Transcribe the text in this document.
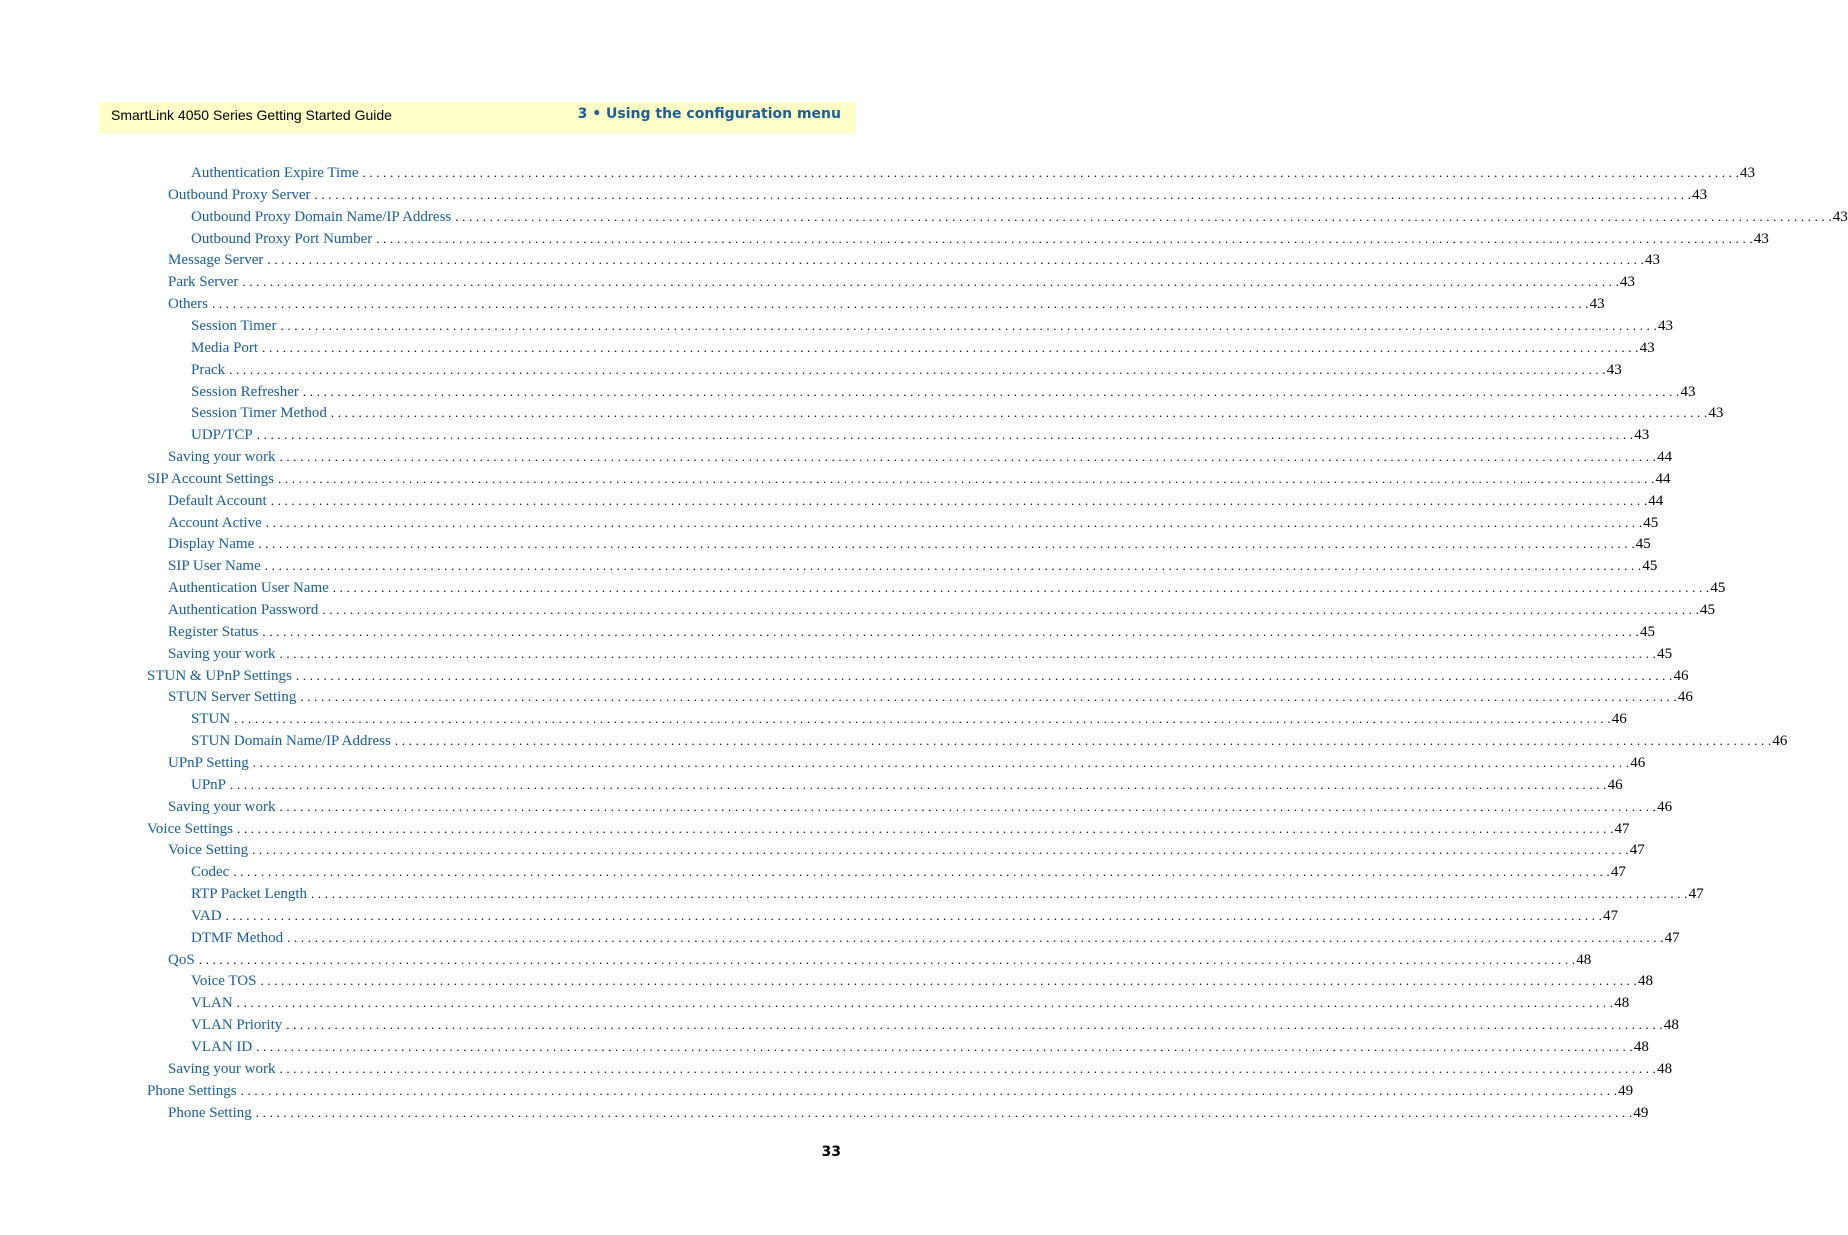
SmartLink 4050 Series Getting Started Guide	3 • Using the configuration menu
Authentication Expire Time . . . . . . . . . . . . . . . . . . . . . . . . . . . . . . . . . . . . . . . . . . . . . . . . . . . . . . . . . . . . . . . . . . . . . . . . . . . . . . . . . . . . . . . . . . . . . . . . . . . . . . . . . . . . . . . . . . . . . . . . . . . . . . . . . . . . . . . . . . . . . . . . . . . . . . . . . . . . . . . . . . . . . . . . . . . . . . . . . . . . . . . . . . . . . . . . . . . . . . . . 43
Outbound Proxy Server . . . . . . . . . . . . . . . . . . . . . . . . . . . . . . . . . . . . . . . . . . . . . . . . . . . . . . . . . . . . . . . . . . . . . . . . . . . . . . . . . . . . . . . . . . . . . . . . . . . . . . . . . . . . . . . . . . . . . . . . . . . . . . . . . . . . . . . . . . . . . . . . . . . . . . . . . . . . . . . . . . . . . . . . . . . . . . . . . . . . . . . . . . . . . . . . . . . . . . . . 43
Outbound Proxy Domain Name/IP Address . . . . . . . . . . . . . . . . . . . . . . . . . . . . . . . . . . . . . . . . . . . . . . . . . . . . . . . . . . . . . . . . . . . . . . . . . . . . . . . . . . . . . . . . . . . . . . . . . . . . . . . . . . . . . . . . . . . . . . . . . . . . . . . . . . . . . . . . . . . . . . . . . . . . . . . . . . . . . . . . . . . . . . . . . . . . . . . . . . . . . . . . . . . . . . . . . . . . . . . . 43
Outbound Proxy Port Number . . . . . . . . . . . . . . . . . . . . . . . . . . . . . . . . . . . . . . . . . . . . . . . . . . . . . . . . . . . . . . . . . . . . . . . . . . . . . . . . . . . . . . . . . . . . . . . . . . . . . . . . . . . . . . . . . . . . . . . . . . . . . . . . . . . . . . . . . . . . . . . . . . . . . . . . . . . . . . . . . . . . . . . . . . . . . . . . . . . . . . . . . . . . . . . . . . . . . . . . 43
Message Server . . . . . . . . . . . . . . . . . . . . . . . . . . . . . . . . . . . . . . . . . . . . . . . . . . . . . . . . . . . . . . . . . . . . . . . . . . . . . . . . . . . . . . . . . . . . . . . . . . . . . . . . . . . . . . . . . . . . . . . . . . . . . . . . . . . . . . . . . . . . . . . . . . . . . . . . . . . . . . . . . . . . . . . . . . . . . . . . . . . . . . . . . . . . . . . . . . . . . . . . 43
Park Server . . . . . . . . . . . . . . . . . . . . . . . . . . . . . . . . . . . . . . . . . . . . . . . . . . . . . . . . . . . . . . . . . . . . . . . . . . . . . . . . . . . . . . . . . . . . . . . . . . . . . . . . . . . . . . . . . . . . . . . . . . . . . . . . . . . . . . . . . . . . . . . . . . . . . . . . . . . . . . . . . . . . . . . . . . . . . . . . . . . . . . . . . . . . . . . . . . . . . . . . 43
Others . . . . . . . . . . . . . . . . . . . . . . . . . . . . . . . . . . . . . . . . . . . . . . . . . . . . . . . . . . . . . . . . . . . . . . . . . . . . . . . . . . . . . . . . . . . . . . . . . . . . . . . . . . . . . . . . . . . . . . . . . . . . . . . . . . . . . . . . . . . . . . . . . . . . . . . . . . . . . . . . . . . . . . . . . . . . . . . . . . . . . . . . . . . . . . . . . . . . . . . . 43
Session Timer . . . . . . . . . . . . . . . . . . . . . . . . . . . . . . . . . . . . . . . . . . . . . . . . . . . . . . . . . . . . . . . . . . . . . . . . . . . . . . . . . . . . . . . . . . . . . . . . . . . . . . . . . . . . . . . . . . . . . . . . . . . . . . . . . . . . . . . . . . . . . . . . . . . . . . . . . . . . . . . . . . . . . . . . . . . . . . . . . . . . . . . . . . . . . . . . . . . . . . . . 43
Media Port . . . . . . . . . . . . . . . . . . . . . . . . . . . . . . . . . . . . . . . . . . . . . . . . . . . . . . . . . . . . . . . . . . . . . . . . . . . . . . . . . . . . . . . . . . . . . . . . . . . . . . . . . . . . . . . . . . . . . . . . . . . . . . . . . . . . . . . . . . . . . . . . . . . . . . . . . . . . . . . . . . . . . . . . . . . . . . . . . . . . . . . . . . . . . . . . . . . . . . . . 43
Prack . . . . . . . . . . . . . . . . . . . . . . . . . . . . . . . . . . . . . . . . . . . . . . . . . . . . . . . . . . . . . . . . . . . . . . . . . . . . . . . . . . . . . . . . . . . . . . . . . . . . . . . . . . . . . . . . . . . . . . . . . . . . . . . . . . . . . . . . . . . . . . . . . . . . . . . . . . . . . . . . . . . . . . . . . . . . . . . . . . . . . . . . . . . . . . . . . . . . . . . . 43
Session Refresher . . . . . . . . . . . . . . . . . . . . . . . . . . . . . . . . . . . . . . . . . . . . . . . . . . . . . . . . . . . . . . . . . . . . . . . . . . . . . . . . . . . . . . . . . . . . . . . . . . . . . . . . . . . . . . . . . . . . . . . . . . . . . . . . . . . . . . . . . . . . . . . . . . . . . . . . . . . . . . . . . . . . . . . . . . . . . . . . . . . . . . . . . . . . . . . . . . . . . . . . 43
Session Timer Method . . . . . . . . . . . . . . . . . . . . . . . . . . . . . . . . . . . . . . . . . . . . . . . . . . . . . . . . . . . . . . . . . . . . . . . . . . . . . . . . . . . . . . . . . . . . . . . . . . . . . . . . . . . . . . . . . . . . . . . . . . . . . . . . . . . . . . . . . . . . . . . . . . . . . . . . . . . . . . . . . . . . . . . . . . . . . . . . . . . . . . . . . . . . . . . . . . . . . . . . 43
UDP/TCP . . . . . . . . . . . . . . . . . . . . . . . . . . . . . . . . . . . . . . . . . . . . . . . . . . . . . . . . . . . . . . . . . . . . . . . . . . . . . . . . . . . . . . . . . . . . . . . . . . . . . . . . . . . . . . . . . . . . . . . . . . . . . . . . . . . . . . . . . . . . . . . . . . . . . . . . . . . . . . . . . . . . . . . . . . . . . . . . . . . . . . . . . . . . . . . . . . . . . . . . 43
Saving your work . . . . . . . . . . . . . . . . . . . . . . . . . . . . . . . . . . . . . . . . . . . . . . . . . . . . . . . . . . . . . . . . . . . . . . . . . . . . . . . . . . . . . . . . . . . . . . . . . . . . . . . . . . . . . . . . . . . . . . . . . . . . . . . . . . . . . . . . . . . . . . . . . . . . . . . . . . . . . . . . . . . . . . . . . . . . . . . . . . . . . . . . . . . . . . . . . . . . . . . . 44
SIP Account Settings . . . . . . . . . . . . . . . . . . . . . . . . . . . . . . . . . . . . . . . . . . . . . . . . . . . . . . . . . . . . . . . . . . . . . . . . . . . . . . . . . . . . . . . . . . . . . . . . . . . . . . . . . . . . . . . . . . . . . . . . . . . . . . . . . . . . . . . . . . . . . . . . . . . . . . . . . . . . . . . . . . . . . . . . . . . . . . . . . . . . . . . . . . . . . . . . . . . . . . . . 44
Default Account . . . . . . . . . . . . . . . . . . . . . . . . . . . . . . . . . . . . . . . . . . . . . . . . . . . . . . . . . . . . . . . . . . . . . . . . . . . . . . . . . . . . . . . . . . . . . . . . . . . . . . . . . . . . . . . . . . . . . . . . . . . . . . . . . . . . . . . . . . . . . . . . . . . . . . . . . . . . . . . . . . . . . . . . . . . . . . . . . . . . . . . . . . . . . . . . . . . . . . . . 44
Account Active . . . . . . . . . . . . . . . . . . . . . . . . . . . . . . . . . . . . . . . . . . . . . . . . . . . . . . . . . . . . . . . . . . . . . . . . . . . . . . . . . . . . . . . . . . . . . . . . . . . . . . . . . . . . . . . . . . . . . . . . . . . . . . . . . . . . . . . . . . . . . . . . . . . . . . . . . . . . . . . . . . . . . . . . . . . . . . . . . . . . . . . . . . . . . . . . . . . . . . . . 45
Display Name . . . . . . . . . . . . . . . . . . . . . . . . . . . . . . . . . . . . . . . . . . . . . . . . . . . . . . . . . . . . . . . . . . . . . . . . . . . . . . . . . . . . . . . . . . . . . . . . . . . . . . . . . . . . . . . . . . . . . . . . . . . . . . . . . . . . . . . . . . . . . . . . . . . . . . . . . . . . . . . . . . . . . . . . . . . . . . . . . . . . . . . . . . . . . . . . . . . . . . . . 45
SIP User Name . . . . . . . . . . . . . . . . . . . . . . . . . . . . . . . . . . . . . . . . . . . . . . . . . . . . . . . . . . . . . . . . . . . . . . . . . . . . . . . . . . . . . . . . . . . . . . . . . . . . . . . . . . . . . . . . . . . . . . . . . . . . . . . . . . . . . . . . . . . . . . . . . . . . . . . . . . . . . . . . . . . . . . . . . . . . . . . . . . . . . . . . . . . . . . . . . . . . . . . . 45
Authentication User Name . . . . . . . . . . . . . . . . . . . . . . . . . . . . . . . . . . . . . . . . . . . . . . . . . . . . . . . . . . . . . . . . . . . . . . . . . . . . . . . . . . . . . . . . . . . . . . . . . . . . . . . . . . . . . . . . . . . . . . . . . . . . . . . . . . . . . . . . . . . . . . . . . . . . . . . . . . . . . . . . . . . . . . . . . . . . . . . . . . . . . . . . . . . . . . . . . . . . . . . . 45
Authentication Password . . . . . . . . . . . . . . . . . . . . . . . . . . . . . . . . . . . . . . . . . . . . . . . . . . . . . . . . . . . . . . . . . . . . . . . . . . . . . . . . . . . . . . . . . . . . . . . . . . . . . . . . . . . . . . . . . . . . . . . . . . . . . . . . . . . . . . . . . . . . . . . . . . . . . . . . . . . . . . . . . . . . . . . . . . . . . . . . . . . . . . . . . . . . . . . . . . . . . . . . 45
Register Status . . . . . . . . . . . . . . . . . . . . . . . . . . . . . . . . . . . . . . . . . . . . . . . . . . . . . . . . . . . . . . . . . . . . . . . . . . . . . . . . . . . . . . . . . . . . . . . . . . . . . . . . . . . . . . . . . . . . . . . . . . . . . . . . . . . . . . . . . . . . . . . . . . . . . . . . . . . . . . . . . . . . . . . . . . . . . . . . . . . . . . . . . . . . . . . . . . . . . . . . 45
Saving your work . . . . . . . . . . . . . . . . . . . . . . . . . . . . . . . . . . . . . . . . . . . . . . . . . . . . . . . . . . . . . . . . . . . . . . . . . . . . . . . . . . . . . . . . . . . . . . . . . . . . . . . . . . . . . . . . . . . . . . . . . . . . . . . . . . . . . . . . . . . . . . . . . . . . . . . . . . . . . . . . . . . . . . . . . . . . . . . . . . . . . . . . . . . . . . . . . . . . . . . . 45
STUN & UPnP Settings . . . . . . . . . . . . . . . . . . . . . . . . . . . . . . . . . . . . . . . . . . . . . . . . . . . . . . . . . . . . . . . . . . . . . . . . . . . . . . . . . . . . . . . . . . . . . . . . . . . . . . . . . . . . . . . . . . . . . . . . . . . . . . . . . . . . . . . . . . . . . . . . . . . . . . . . . . . . . . . . . . . . . . . . . . . . . . . . . . . . . . . . . . . . . . . . . . . . . . . . 46
STUN Server Setting . . . . . . . . . . . . . . . . . . . . . . . . . . . . . . . . . . . . . . . . . . . . . . . . . . . . . . . . . . . . . . . . . . . . . . . . . . . . . . . . . . . . . . . . . . . . . . . . . . . . . . . . . . . . . . . . . . . . . . . . . . . . . . . . . . . . . . . . . . . . . . . . . . . . . . . . . . . . . . . . . . . . . . . . . . . . . . . . . . . . . . . . . . . . . . . . . . . . . . . . 46
STUN . . . . . . . . . . . . . . . . . . . . . . . . . . . . . . . . . . . . . . . . . . . . . . . . . . . . . . . . . . . . . . . . . . . . . . . . . . . . . . . . . . . . . . . . . . . . . . . . . . . . . . . . . . . . . . . . . . . . . . . . . . . . . . . . . . . . . . . . . . . . . . . . . . . . . . . . . . . . . . . . . . . . . . . . . . . . . . . . . . . . . . . . . . . . . . . . . . . . . . . . 46
STUN Domain Name/IP Address . . . . . . . . . . . . . . . . . . . . . . . . . . . . . . . . . . . . . . . . . . . . . . . . . . . . . . . . . . . . . . . . . . . . . . . . . . . . . . . . . . . . . . . . . . . . . . . . . . . . . . . . . . . . . . . . . . . . . . . . . . . . . . . . . . . . . . . . . . . . . . . . . . . . . . . . . . . . . . . . . . . . . . . . . . . . . . . . . . . . . . . . . . . . . . . . . . . . . . . . 46
UPnP Setting . . . . . . . . . . . . . . . . . . . . . . . . . . . . . . . . . . . . . . . . . . . . . . . . . . . . . . . . . . . . . . . . . . . . . . . . . . . . . . . . . . . . . . . . . . . . . . . . . . . . . . . . . . . . . . . . . . . . . . . . . . . . . . . . . . . . . . . . . . . . . . . . . . . . . . . . . . . . . . . . . . . . . . . . . . . . . . . . . . . . . . . . . . . . . . . . . . . . . . . . 46
UPnP . . . . . . . . . . . . . . . . . . . . . . . . . . . . . . . . . . . . . . . . . . . . . . . . . . . . . . . . . . . . . . . . . . . . . . . . . . . . . . . . . . . . . . . . . . . . . . . . . . . . . . . . . . . . . . . . . . . . . . . . . . . . . . . . . . . . . . . . . . . . . . . . . . . . . . . . . . . . . . . . . . . . . . . . . . . . . . . . . . . . . . . . . . . . . . . . . . . . . . . . 46
Saving your work . . . . . . . . . . . . . . . . . . . . . . . . . . . . . . . . . . . . . . . . . . . . . . . . . . . . . . . . . . . . . . . . . . . . . . . . . . . . . . . . . . . . . . . . . . . . . . . . . . . . . . . . . . . . . . . . . . . . . . . . . . . . . . . . . . . . . . . . . . . . . . . . . . . . . . . . . . . . . . . . . . . . . . . . . . . . . . . . . . . . . . . . . . . . . . . . . . . . . . . . 46
Voice Settings . . . . . . . . . . . . . . . . . . . . . . . . . . . . . . . . . . . . . . . . . . . . . . . . . . . . . . . . . . . . . . . . . . . . . . . . . . . . . . . . . . . . . . . . . . . . . . . . . . . . . . . . . . . . . . . . . . . . . . . . . . . . . . . . . . . . . . . . . . . . . . . . . . . . . . . . . . . . . . . . . . . . . . . . . . . . . . . . . . . . . . . . . . . . . . . . . . . . . . . . 47
Voice Setting . . . . . . . . . . . . . . . . . . . . . . . . . . . . . . . . . . . . . . . . . . . . . . . . . . . . . . . . . . . . . . . . . . . . . . . . . . . . . . . . . . . . . . . . . . . . . . . . . . . . . . . . . . . . . . . . . . . . . . . . . . . . . . . . . . . . . . . . . . . . . . . . . . . . . . . . . . . . . . . . . . . . . . . . . . . . . . . . . . . . . . . . . . . . . . . . . . . . . . . . 47
Codec . . . . . . . . . . . . . . . . . . . . . . . . . . . . . . . . . . . . . . . . . . . . . . . . . . . . . . . . . . . . . . . . . . . . . . . . . . . . . . . . . . . . . . . . . . . . . . . . . . . . . . . . . . . . . . . . . . . . . . . . . . . . . . . . . . . . . . . . . . . . . . . . . . . . . . . . . . . . . . . . . . . . . . . . . . . . . . . . . . . . . . . . . . . . . . . . . . . . . . . . 47
RTP Packet Length . . . . . . . . . . . . . . . . . . . . . . . . . . . . . . . . . . . . . . . . . . . . . . . . . . . . . . . . . . . . . . . . . . . . . . . . . . . . . . . . . . . . . . . . . . . . . . . . . . . . . . . . . . . . . . . . . . . . . . . . . . . . . . . . . . . . . . . . . . . . . . . . . . . . . . . . . . . . . . . . . . . . . . . . . . . . . . . . . . . . . . . . . . . . . . . . . . . . . . . . 47
VAD . . . . . . . . . . . . . . . . . . . . . . . . . . . . . . . . . . . . . . . . . . . . . . . . . . . . . . . . . . . . . . . . . . . . . . . . . . . . . . . . . . . . . . . . . . . . . . . . . . . . . . . . . . . . . . . . . . . . . . . . . . . . . . . . . . . . . . . . . . . . . . . . . . . . . . . . . . . . . . . . . . . . . . . . . . . . . . . . . . . . . . . . . . . . . . . . . . . . . . . . 47
DTMF Method . . . . . . . . . . . . . . . . . . . . . . . . . . . . . . . . . . . . . . . . . . . . . . . . . . . . . . . . . . . . . . . . . . . . . . . . . . . . . . . . . . . . . . . . . . . . . . . . . . . . . . . . . . . . . . . . . . . . . . . . . . . . . . . . . . . . . . . . . . . . . . . . . . . . . . . . . . . . . . . . . . . . . . . . . . . . . . . . . . . . . . . . . . . . . . . . . . . . . . . . 47
QoS . . . . . . . . . . . . . . . . . . . . . . . . . . . . . . . . . . . . . . . . . . . . . . . . . . . . . . . . . . . . . . . . . . . . . . . . . . . . . . . . . . . . . . . . . . . . . . . . . . . . . . . . . . . . . . . . . . . . . . . . . . . . . . . . . . . . . . . . . . . . . . . . . . . . . . . . . . . . . . . . . . . . . . . . . . . . . . . . . . . . . . . . . . . . . . . . . . . . . . . . 48
Voice TOS . . . . . . . . . . . . . . . . . . . . . . . . . . . . . . . . . . . . . . . . . . . . . . . . . . . . . . . . . . . . . . . . . . . . . . . . . . . . . . . . . . . . . . . . . . . . . . . . . . . . . . . . . . . . . . . . . . . . . . . . . . . . . . . . . . . . . . . . . . . . . . . . . . . . . . . . . . . . . . . . . . . . . . . . . . . . . . . . . . . . . . . . . . . . . . . . . . . . . . . . 48
VLAN . . . . . . . . . . . . . . . . . . . . . . . . . . . . . . . . . . . . . . . . . . . . . . . . . . . . . . . . . . . . . . . . . . . . . . . . . . . . . . . . . . . . . . . . . . . . . . . . . . . . . . . . . . . . . . . . . . . . . . . . . . . . . . . . . . . . . . . . . . . . . . . . . . . . . . . . . . . . . . . . . . . . . . . . . . . . . . . . . . . . . . . . . . . . . . . . . . . . . . . . 48
VLAN Priority . . . . . . . . . . . . . . . . . . . . . . . . . . . . . . . . . . . . . . . . . . . . . . . . . . . . . . . . . . . . . . . . . . . . . . . . . . . . . . . . . . . . . . . . . . . . . . . . . . . . . . . . . . . . . . . . . . . . . . . . . . . . . . . . . . . . . . . . . . . . . . . . . . . . . . . . . . . . . . . . . . . . . . . . . . . . . . . . . . . . . . . . . . . . . . . . . . . . . . . . 48
VLAN ID . . . . . . . . . . . . . . . . . . . . . . . . . . . . . . . . . . . . . . . . . . . . . . . . . . . . . . . . . . . . . . . . . . . . . . . . . . . . . . . . . . . . . . . . . . . . . . . . . . . . . . . . . . . . . . . . . . . . . . . . . . . . . . . . . . . . . . . . . . . . . . . . . . . . . . . . . . . . . . . . . . . . . . . . . . . . . . . . . . . . . . . . . . . . . . . . . . . . . . . . 48
Saving your work . . . . . . . . . . . . . . . . . . . . . . . . . . . . . . . . . . . . . . . . . . . . . . . . . . . . . . . . . . . . . . . . . . . . . . . . . . . . . . . . . . . . . . . . . . . . . . . . . . . . . . . . . . . . . . . . . . . . . . . . . . . . . . . . . . . . . . . . . . . . . . . . . . . . . . . . . . . . . . . . . . . . . . . . . . . . . . . . . . . . . . . . . . . . . . . . . . . . . . . . 48
Phone Settings . . . . . . . . . . . . . . . . . . . . . . . . . . . . . . . . . . . . . . . . . . . . . . . . . . . . . . . . . . . . . . . . . . . . . . . . . . . . . . . . . . . . . . . . . . . . . . . . . . . . . . . . . . . . . . . . . . . . . . . . . . . . . . . . . . . . . . . . . . . . . . . . . . . . . . . . . . . . . . . . . . . . . . . . . . . . . . . . . . . . . . . . . . . . . . . . . . . . . . . . 49
Phone Setting . . . . . . . . . . . . . . . . . . . . . . . . . . . . . . . . . . . . . . . . . . . . . . . . . . . . . . . . . . . . . . . . . . . . . . . . . . . . . . . . . . . . . . . . . . . . . . . . . . . . . . . . . . . . . . . . . . . . . . . . . . . . . . . . . . . . . . . . . . . . . . . . . . . . . . . . . . . . . . . . . . . . . . . . . . . . . . . . . . . . . . . . . . . . . . . . . . . . . . . . 49
33
